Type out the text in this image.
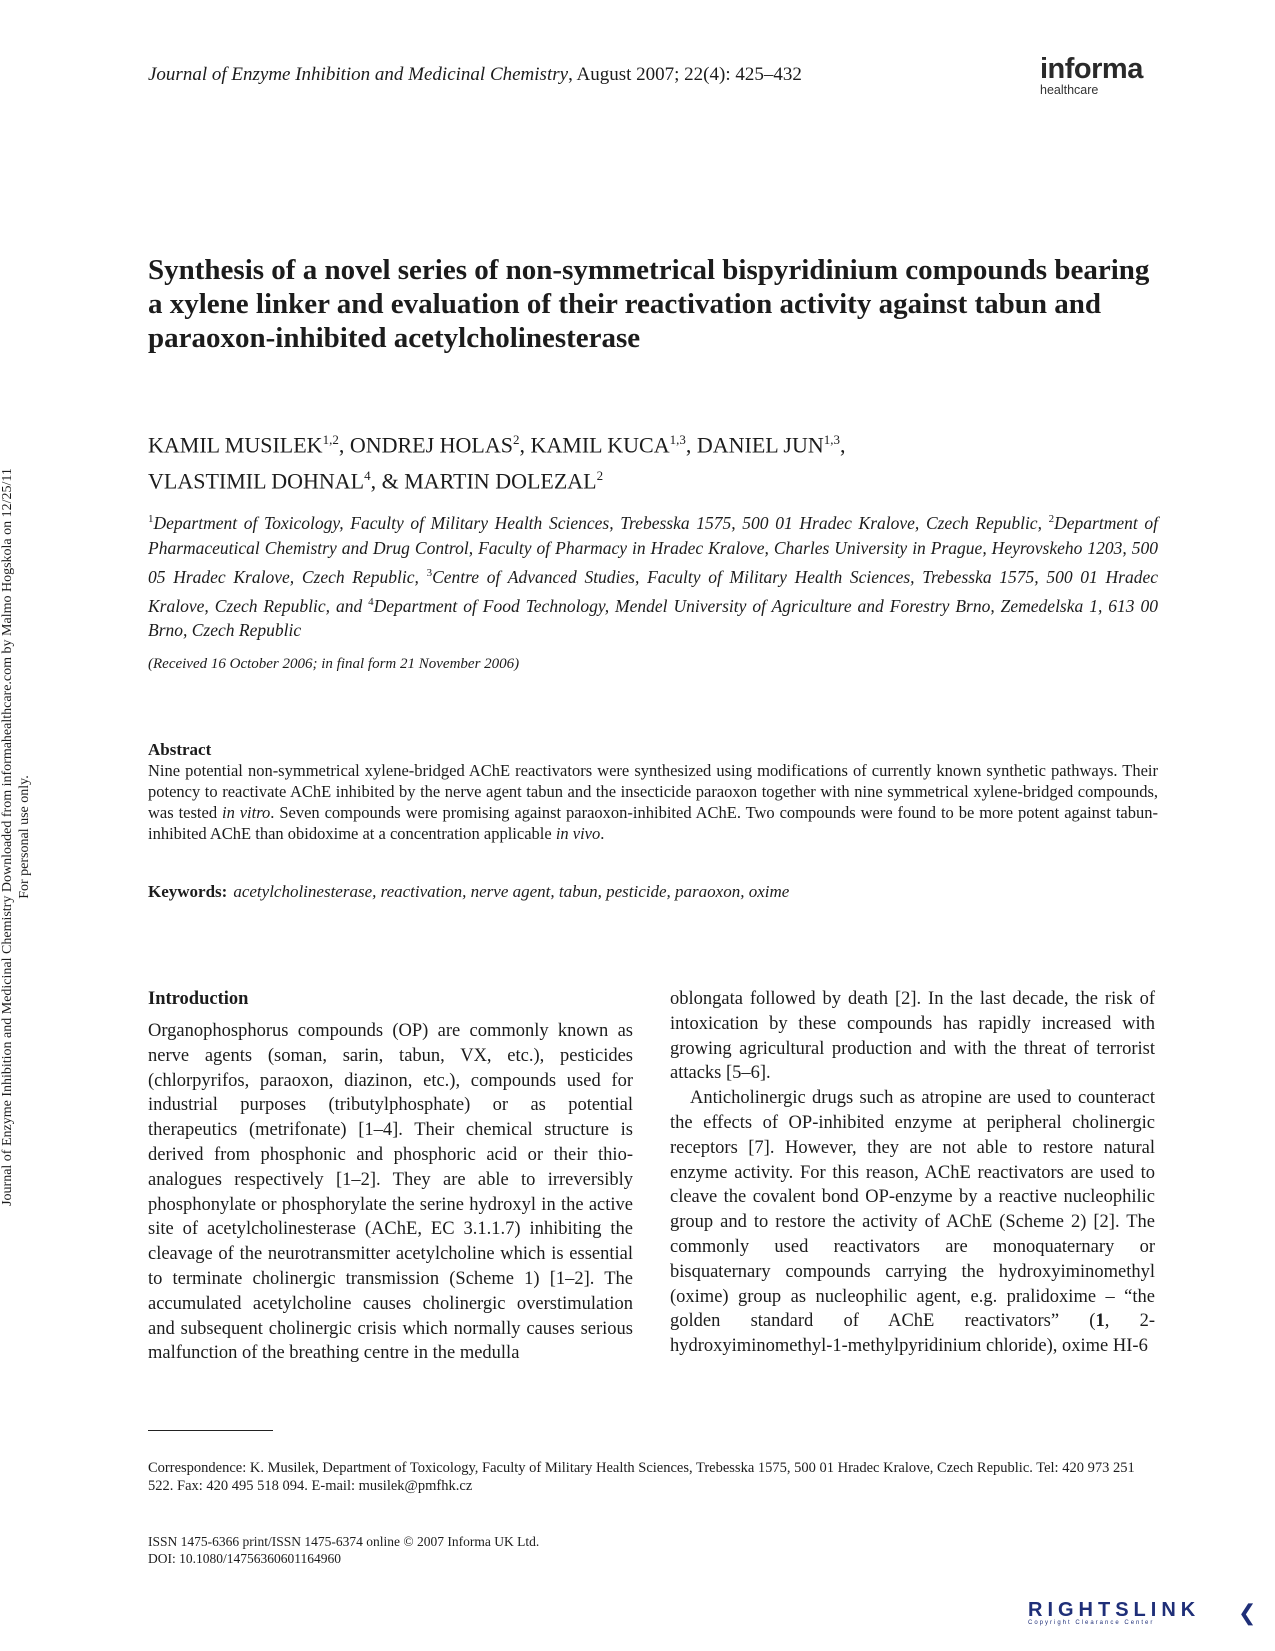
Journal of Enzyme Inhibition and Medicinal Chemistry, August 2007; 22(4): 425–432	informa
healthcare
Synthesis of a novel series of non-symmetrical bispyridinium compounds bearing a xylene linker and evaluation of their reactivation activity against tabun and paraoxon-inhibited acetylcholinesterase
KAMIL MUSILEK$^{1,2}$, ONDREJ HOLAS$^2$, KAMIL KUCA$^{1,3}$, DANIEL JUN$^{1,3}$,
VLASTIMIL DOHNAL$^4$, & MARTIN DOLEZAL$^2$
$^1$Department of Toxicology, Faculty of Military Health Sciences, Trebesska 1575, 500 01 Hradec Kralove, Czech Republic, $^2$Department of Pharmaceutical Chemistry and Drug Control, Faculty of Pharmacy in Hradec Kralove, Charles University in Prague, Heyrovskeho 1203, 500 05 Hradec Kralove, Czech Republic, $^3$Centre of Advanced Studies, Faculty of Military Health Sciences, Trebesska 1575, 500 01 Hradec Kralove, Czech Republic, and $^4$Department of Food Technology, Mendel University of Agriculture and Forestry Brno, Zemedelska 1, 613 00 Brno, Czech Republic
(Received 16 October 2006; in final form 21 November 2006)
Abstract
Nine potential non-symmetrical xylene-bridged AChE reactivators were synthesized using modifications of currently known synthetic pathways. Their potency to reactivate AChE inhibited by the nerve agent tabun and the insecticide paraoxon together with nine symmetrical xylene-bridged compounds, was tested in vitro. Seven compounds were promising against paraoxon-inhibited AChE. Two compounds were found to be more potent against tabun-inhibited AChE than obidoxime at a concentration applicable in vivo.
Keywords: acetylcholinesterase, reactivation, nerve agent, tabun, pesticide, paraoxon, oxime
Introduction

Organophosphorus compounds (OP) are commonly known as nerve agents (soman, sarin, tabun, VX, etc.), pesticides (chlorpyrifos, paraoxon, diazinon, etc.), compounds used for industrial purposes (tributylphosphate) or as potential therapeutics (metrifonate) [1–4]. Their chemical structure is derived from phosphonic and phosphoric acid or their thio-analogues respectively [1–2]. They are able to irreversibly phosphonylate or phosphorylate the serine hydroxyl in the active site of acetylcholinesterase (AChE, EC 3.1.1.7) inhibiting the cleavage of the neurotransmitter acetylcholine which is essential to terminate cholinergic transmission (Scheme 1) [1–2]. The accumulated acetylcholine causes cholinergic overstimulation and subsequent cholinergic crisis which normally causes serious malfunction of the breathing centre in the medulla

oblongata followed by death [2]. In the last decade, the risk of intoxication by these compounds has rapidly increased with growing agricultural production and with the threat of terrorist attacks [5–6].

Anticholinergic drugs such as atropine are used to counteract the effects of OP-inhibited enzyme at peripheral cholinergic receptors [7]. However, they are not able to restore natural enzyme activity. For this reason, AChE reactivators are used to cleave the covalent bond OP-enzyme by a reactive nucleophilic group and to restore the activity of AChE (Scheme 2) [2]. The commonly used reactivators are monoquaternary or bisquaternary compounds carrying the hydroxyiminomethyl (oxime) group as nucleophilic agent, e.g. pralidoxime – “the golden standard of AChE reactivators” (1, 2-hydroxyiminomethyl-1-methylpyridinium chloride), oxime HI-6

Correspondence: K. Musilek, Department of Toxicology, Faculty of Military Health Sciences, Trebesska 1575, 500 01 Hradec Kralove, Czech Republic. Tel: 420 973 251 522. Fax: 420 495 518 094. E-mail: musilek@pmfhk.cz
ISSN 1475-6366 print/ISSN 1475-6374 online © 2007 Informa UK Ltd.
DOI: 10.1080/14756360601164960
Journal of Enzyme Inhibition and Medicinal Chemistry Downloaded from informahealthcare.com by Malmo Hogskola on 12/25/11 For personal use only.
RIGHTSLINK
Copyright Clearance Center	❮
